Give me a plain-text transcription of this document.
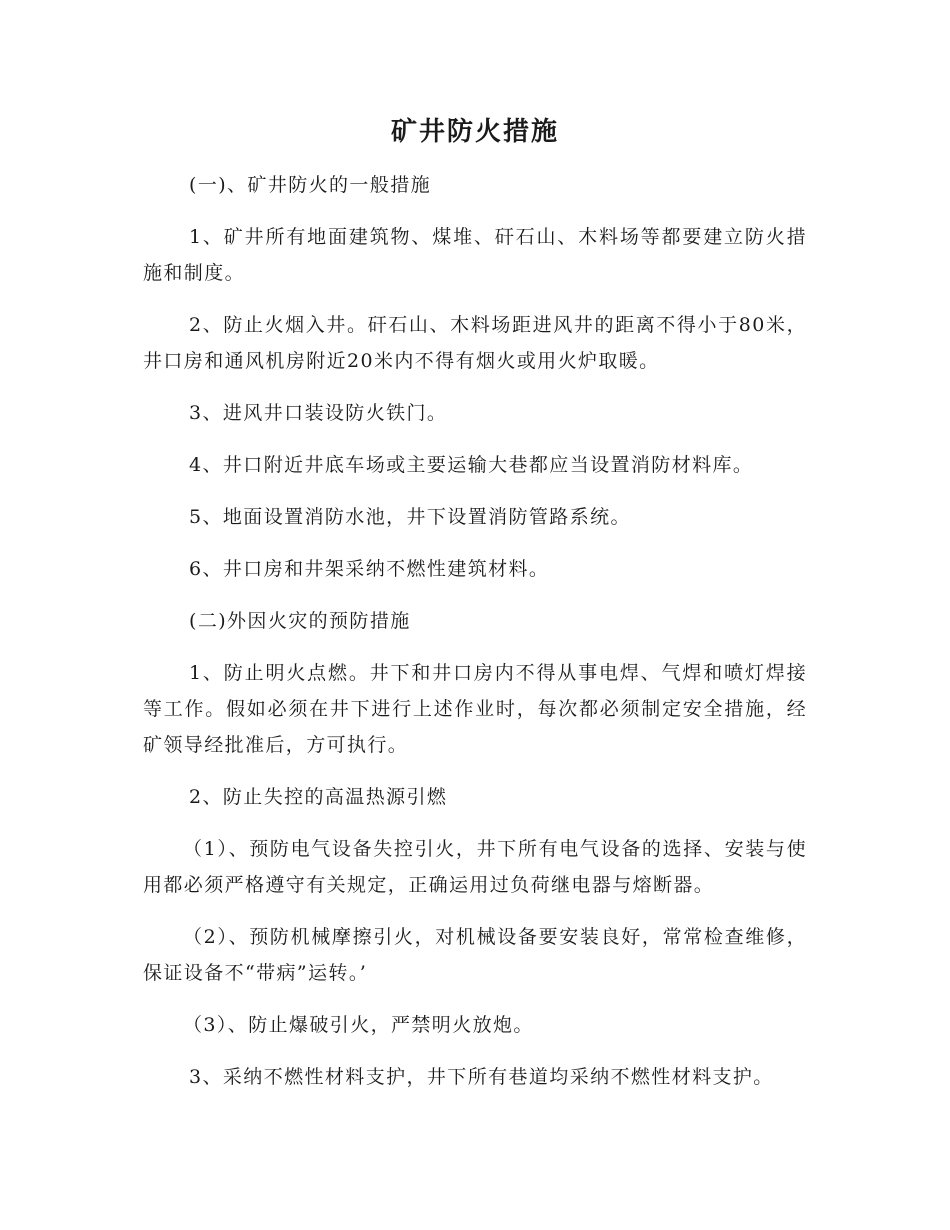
矿井防火措施

(一)、矿井防火的一般措施

1、矿井所有地面建筑物、煤堆、矸石山、木料场等都要建立防火措施和制度。

2、防止火烟入井。矸石山、木料场距进风井的距离不得小于80米，井口房和通风机房附近20米内不得有烟火或用火炉取暖。

3、进风井口装设防火铁门。

4、井口附近井底车场或主要运输大巷都应当设置消防材料库。

5、地面设置消防水池，井下设置消防管路系统。

6、井口房和井架采纳不燃性建筑材料。

(二)外因火灾的预防措施

1、防止明火点燃。井下和井口房内不得从事电焊、气焊和喷灯焊接等工作。假如必须在井下进行上述作业时，每次都必须制定安全措施，经矿领导经批准后，方可执行。

2、防止失控的高温热源引燃

（1）、预防电气设备失控引火，井下所有电气设备的选择、安装与使用都必须严格遵守有关规定，正确运用过负荷继电器与熔断器。

（2）、预防机械摩擦引火，对机械设备要安装良好，常常检查维修，保证设备不“带病”运转。’

（3）、防止爆破引火，严禁明火放炮。

3、采纳不燃性材料支护，井下所有巷道均采纳不燃性材料支护。
